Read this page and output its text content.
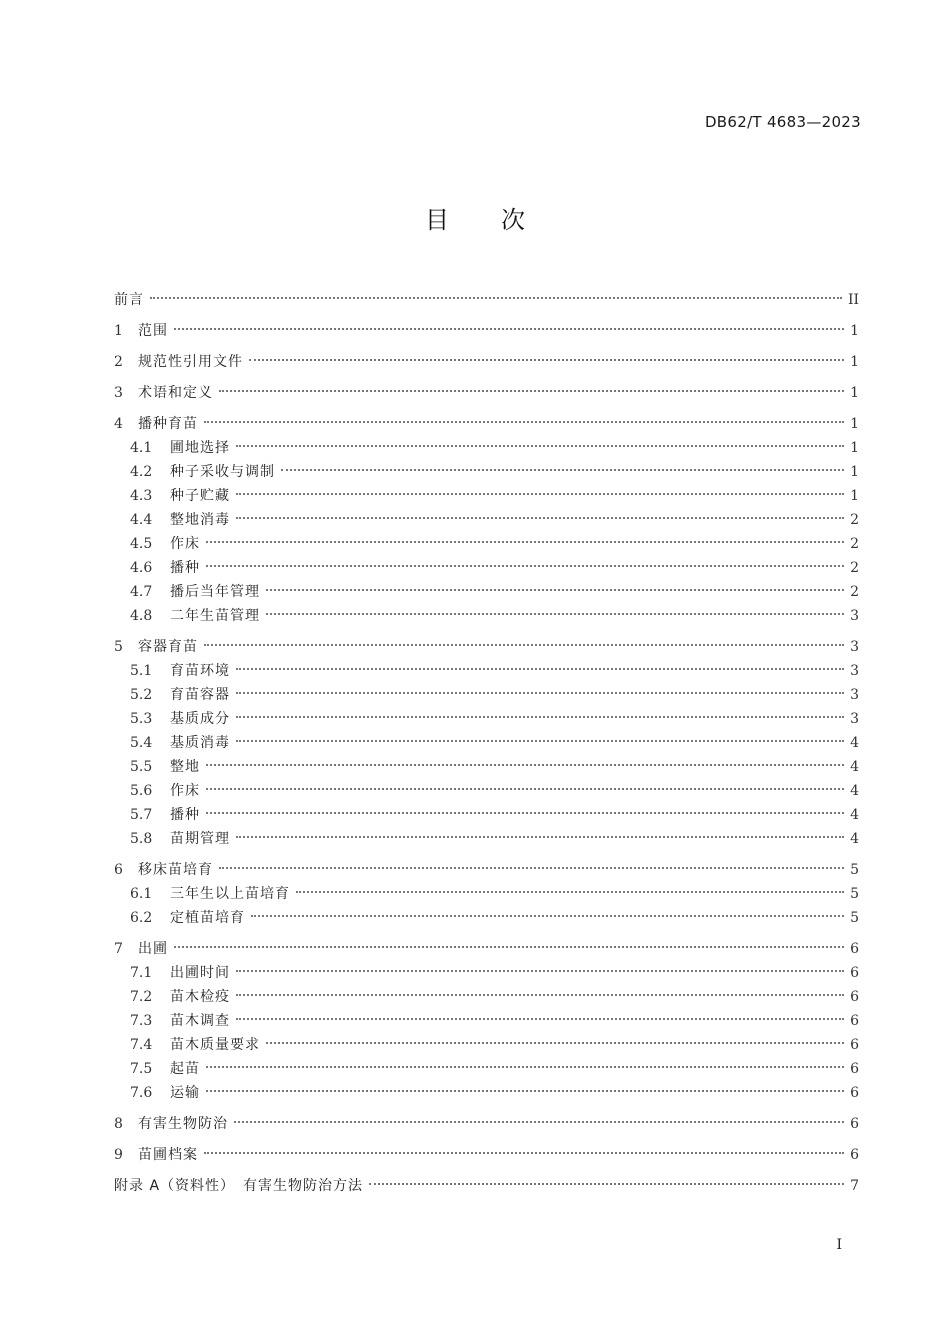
DB62/T 4683—2023
目次
前言	II
1	范围	1
2	规范性引用文件	1
3	术语和定义	1
4	播种育苗	1
4.1	圃地选择	1
4.2	种子采收与调制	1
4.3	种子贮藏	1
4.4	整地消毒	2
4.5	作床	2
4.6	播种	2
4.7	播后当年管理	2
4.8	二年生苗管理	3
5	容器育苗	3
5.1	育苗环境	3
5.2	育苗容器	3
5.3	基质成分	3
5.4	基质消毒	4
5.5	整地	4
5.6	作床	4
5.7	播种	4
5.8	苗期管理	4
6	移床苗培育	5
6.1	三年生以上苗培育	5
6.2	定植苗培育	5
7	出圃	6
7.1	出圃时间	6
7.2	苗木检疫	6
7.3	苗木调查	6
7.4	苗木质量要求	6
7.5	起苗	6
7.6	运输	6
8	有害生物防治	6
9	苗圃档案	6
附录 A（资料性）　有害生物防治方法	7
I
